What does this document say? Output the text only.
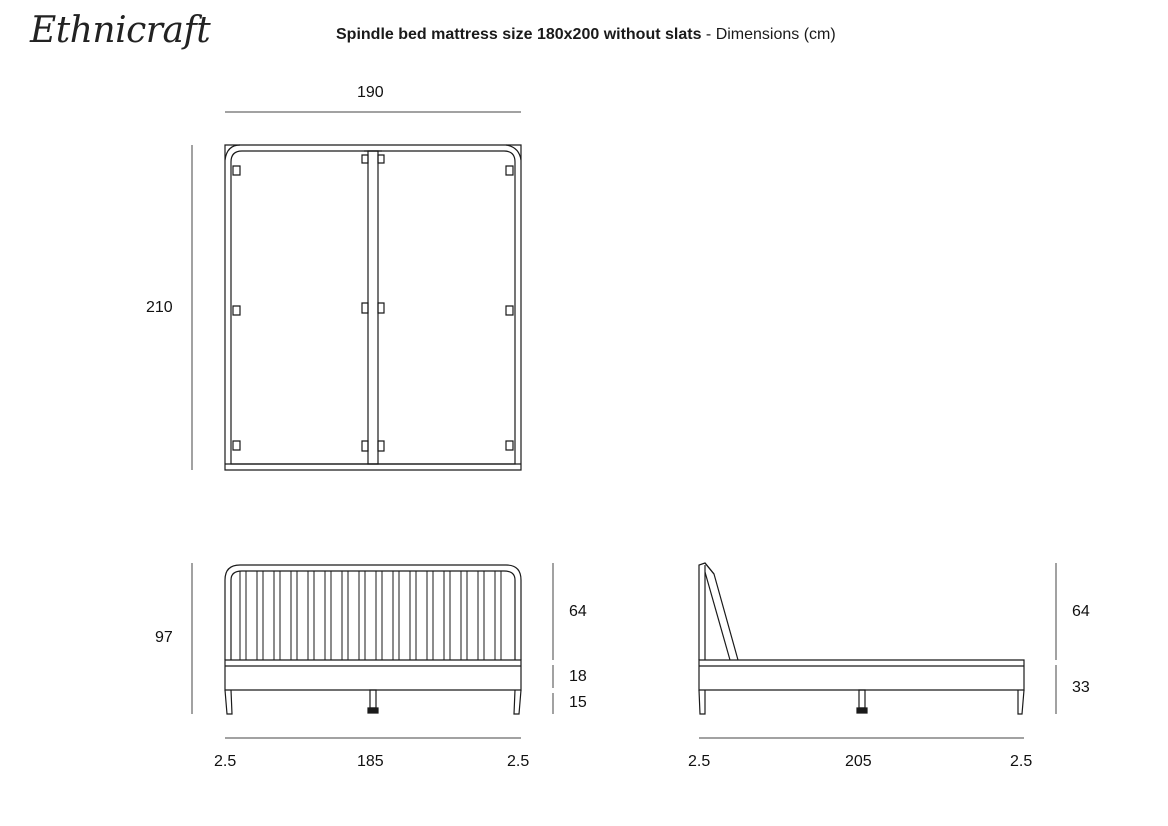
Ethnicraft	Spindle bed mattress size 180x200 without slats - Dimensions (cm)
190
210
97
64
18
15
2.5	185	2.5
64
33
2.5	205	2.5
